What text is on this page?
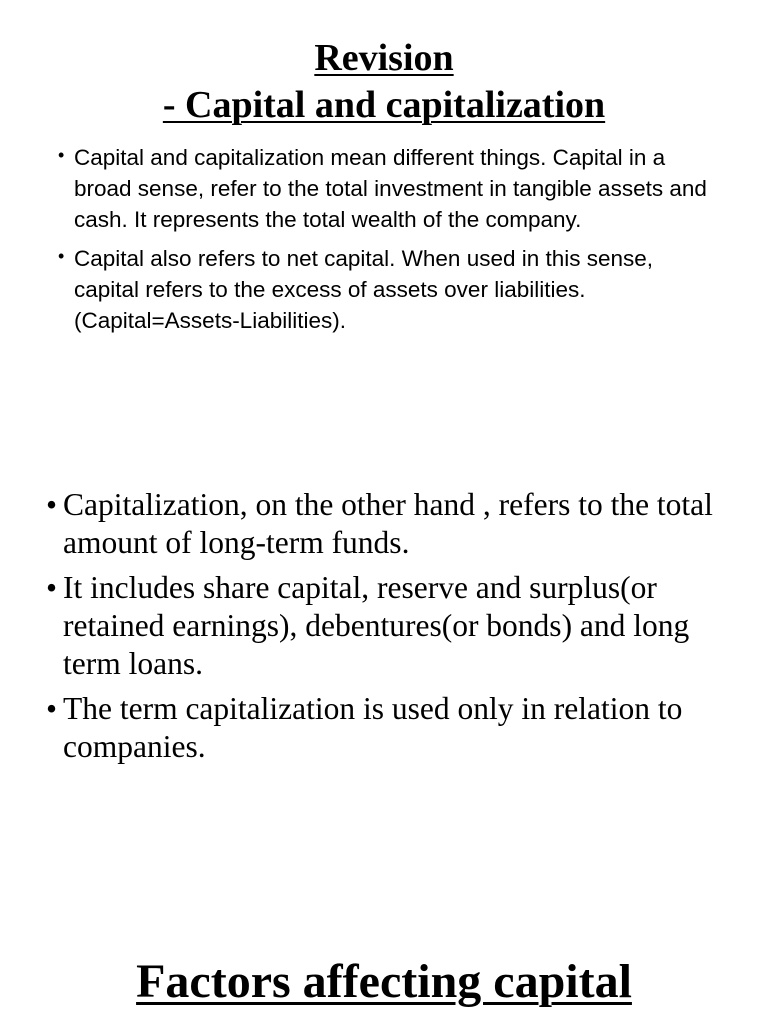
Revision
- Capital and capitalization
• Capital and capitalization mean different things. Capital in a broad sense, refer to the total investment in tangible assets and cash. It represents the total wealth of the company.
• Capital also refers to net capital. When used in this sense, capital refers to the excess of assets over liabilities. (Capital=Assets-Liabilities).
• Capitalization, on the other hand , refers to the total amount of long-term funds.
• It includes share capital, reserve and surplus(or retained earnings), debentures(or bonds) and long term loans.
• The term capitalization is used only in relation to companies.
Factors affecting capital
